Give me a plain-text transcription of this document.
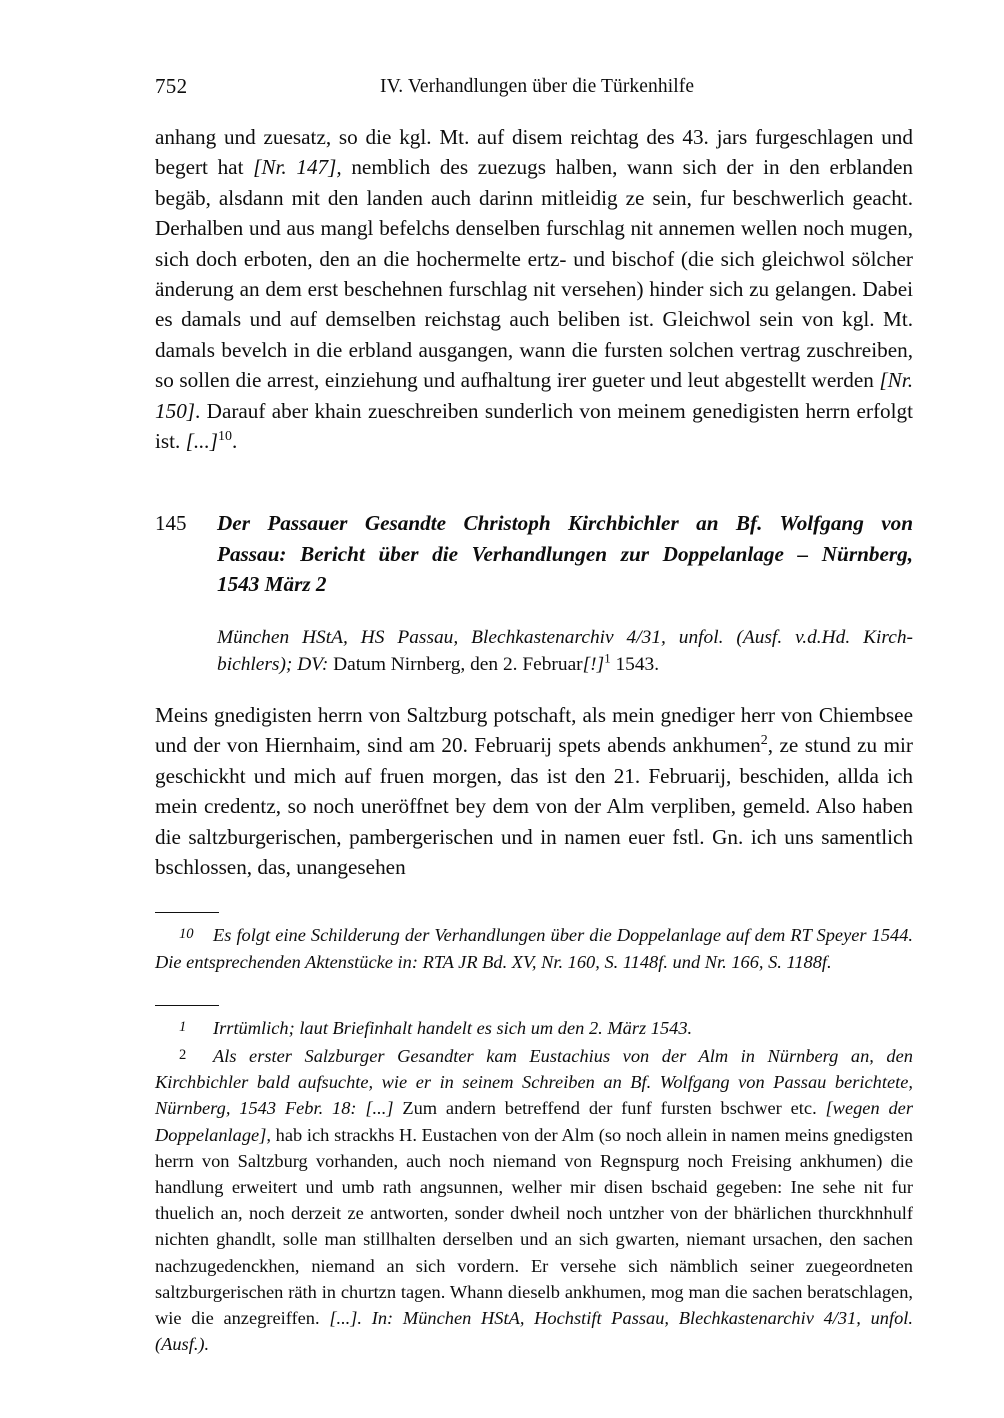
752	IV. Verhandlungen über die Türkenhilfe

anhang und zuesatz, so die kgl. Mt. auf disem reichtag des 43. jars furgeschlagen und begert hat [Nr. 147], nemblich des zuezugs halben, wann sich der in den erblanden begäb, alsdann mit den landen auch darinn mitleidig ze sein, fur beschwerlich geacht. Derhalben und aus mangl befelchs denselben furschlag nit annemen wellen noch mugen, sich doch erboten, den an die hochermelte ertz- und bischof (die sich gleichwol sölcher änderung an dem erst beschehnen furschlag nit versehen) hinder sich zu gelangen. Dabei es damals und auf demselben reichstag auch beliben ist. Gleichwol sein von kgl. Mt. damals bevelch in die erbland ausgangen, wann die fursten solchen vertrag zuschreiben, so sollen die arrest, einziehung und aufhaltung irer gueter und leut abgestellt werden [Nr. 150]. Darauf aber khain zueschreiben sunderlich von meinem genedigisten herrn erfolgt ist. [...]$^{10}$.

145 Der Passauer Gesandte Christoph Kirchbichler an Bf. Wolfgang von
Passau: Bericht über die Verhandlungen zur Doppelanlage – Nürnberg,
1543 März 2
München HStA, HS Passau, Blechkastenarchiv 4/31, unfol. (Ausf. v.d.Hd. Kirch-
bichlers); DV: Datum Nirnberg, den 2. Februar[!]$^1$ 1543.

Meins gnedigisten herrn von Saltzburg potschaft, als mein gnediger herr von Chiembsee und der von Hiernhaim, sind am 20. Februarij spets abends ankhumen$^2$, ze stund zu mir geschickht und mich auf fruen morgen, das ist den 21. Februarij, beschiden, allda ich mein credentz, so noch uneröffnet bey dem von der Alm verpliben, gemeld. Also haben die saltzburgerischen, pambergerischen und in namen euer fstl. Gn. ich uns samentlich bschlossen, das, unangesehen

10 Es folgt eine Schilderung der Verhandlungen über die Doppelanlage auf dem RT Speyer 1544. Die entsprechenden Aktenstücke in: RTA JR Bd. XV, Nr. 160, S. 1148f. und Nr. 166, S. 1188f.

1 Irrtümlich; laut Briefinhalt handelt es sich um den 2. März 1543.

2 Als erster Salzburger Gesandter kam Eustachius von der Alm in Nürnberg an, den Kirchbichler bald aufsuchte, wie er in seinem Schreiben an Bf. Wolfgang von Passau berichtete, Nürnberg, 1543 Febr. 18: [...] Zum andern betreffend der funf fursten bschwer etc. [wegen der Doppelanlage], hab ich strackhs H. Eustachen von der Alm (so noch allein in namen meins gnedigsten herrn von Saltzburg vorhanden, auch noch niemand von Regnspurg noch Freising ankhumen) die handlung erweitert und umb rath angsunnen, welher mir disen bschaid gegeben: Ine sehe nit fur thuelich an, noch derzeit ze antworten, sonder dwheil noch untzher von der bhärlichen thurckhnhulf nichten ghandlt, solle man stillhalten derselben und an sich gwarten, niemant ursachen, den sachen nachzugedenckhen, niemand an sich vordern. Er versehe sich nämblich seiner zuegeordneten saltzburgerischen räth in churtzn tagen. Whann dieselb ankhumen, mog man die sachen beratschlagen, wie die anzegreiffen. [...]. In: München HStA, Hochstift Passau, Blechkastenarchiv 4/31, unfol. (Ausf.).
